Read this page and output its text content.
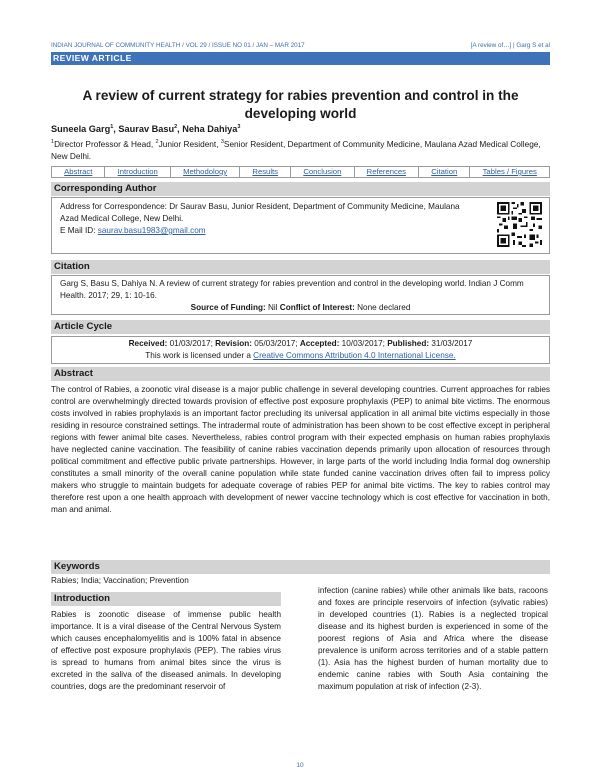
INDIAN JOURNAL OF COMMUNITY HEALTH / VOL 29 / ISSUE NO 01 / JAN – MAR 2017	[A review of…] | Garg S et al
REVIEW ARTICLE
A review of current strategy for rabies prevention and control in the developing world
Suneela Garg$^1$, Saurav Basu$^2$, Neha Dahiya$^3$
$^1$Director Professor & Head, $^2$Junior Resident, $^3$Senior Resident, Department of Community Medicine, Maulana Azad Medical College, New Delhi.
Abstract	Introduction	Methodology	Results	Conclusion	References	Citation	Tables / Figures
Corresponding Author
Address for Correspondence: Dr Saurav Basu, Junior Resident, Department of Community Medicine, Maulana Azad Medical College, New Delhi.
E Mail ID: saurav.basu1983@gmail.com
Citation
Garg S, Basu S, Dahiya N. A review of current strategy for rabies prevention and control in the developing world. Indian J Comm Health. 2017; 29, 1: 10-16.
Source of Funding: Nil Conflict of Interest: None declared
Article Cycle
Received: 01/03/2017; Revision: 05/03/2017; Accepted: 10/03/2017; Published: 31/03/2017
This work is licensed under a Creative Commons Attribution 4.0 International License.
Abstract
The control of Rabies, a zoonotic viral disease is a major public challenge in several developing countries. Current approaches for rabies control are overwhelmingly directed towards provision of effective post exposure prophylaxis (PEP) to animal bite victims. The enormous costs involved in rabies prophylaxis is an important factor precluding its universal application in all animal bite victims especially in those residing in resource constrained settings. The intradermal route of administration has been shown to be cost effective except in peripheral regions with fewer animal bite cases. Nevertheless, rabies control program with their expected emphasis on human rabies prophylaxis have neglected canine vaccination. The feasibility of canine rabies vaccination depends primarily upon allocation of resources through political commitment and effective public private partnerships. However, in large parts of the world including India formal dog ownership constitutes a small minority of the overall canine population while state funded canine vaccination drives often fail to impress policy makers who struggle to maintain budgets for adequate coverage of rabies PEP for animal bite victims. The key to rabies control may therefore rest upon a one health approach with development of newer vaccine technology which is cost effective for vaccination in both, man and animal.
Keywords
Rabies; India; Vaccination; Prevention
Introduction
Rabies is zoonotic disease of immense public health importance. It is a viral disease of the Central Nervous System which causes encephalomyelitis and is 100% fatal in absence of effective post exposure prophylaxis (PEP). The rabies virus is spread to humans from animal bites since the virus is excreted in the saliva of the diseased animals. In developing countries, dogs are the predominant reservoir of
infection (canine rabies) while other animals like bats, racoons and foxes are principle reservoirs of infection (sylvatic rabies) in developed countries (1). Rabies is a neglected tropical disease and its highest burden is experienced in some of the poorest regions of Asia and Africa where the disease prevalence is uniform across territories and of a stable pattern (1). Asia has the highest burden of human mortality due to endemic canine rabies with South Asia containing the maximum population at risk of infection (2-3).
10
